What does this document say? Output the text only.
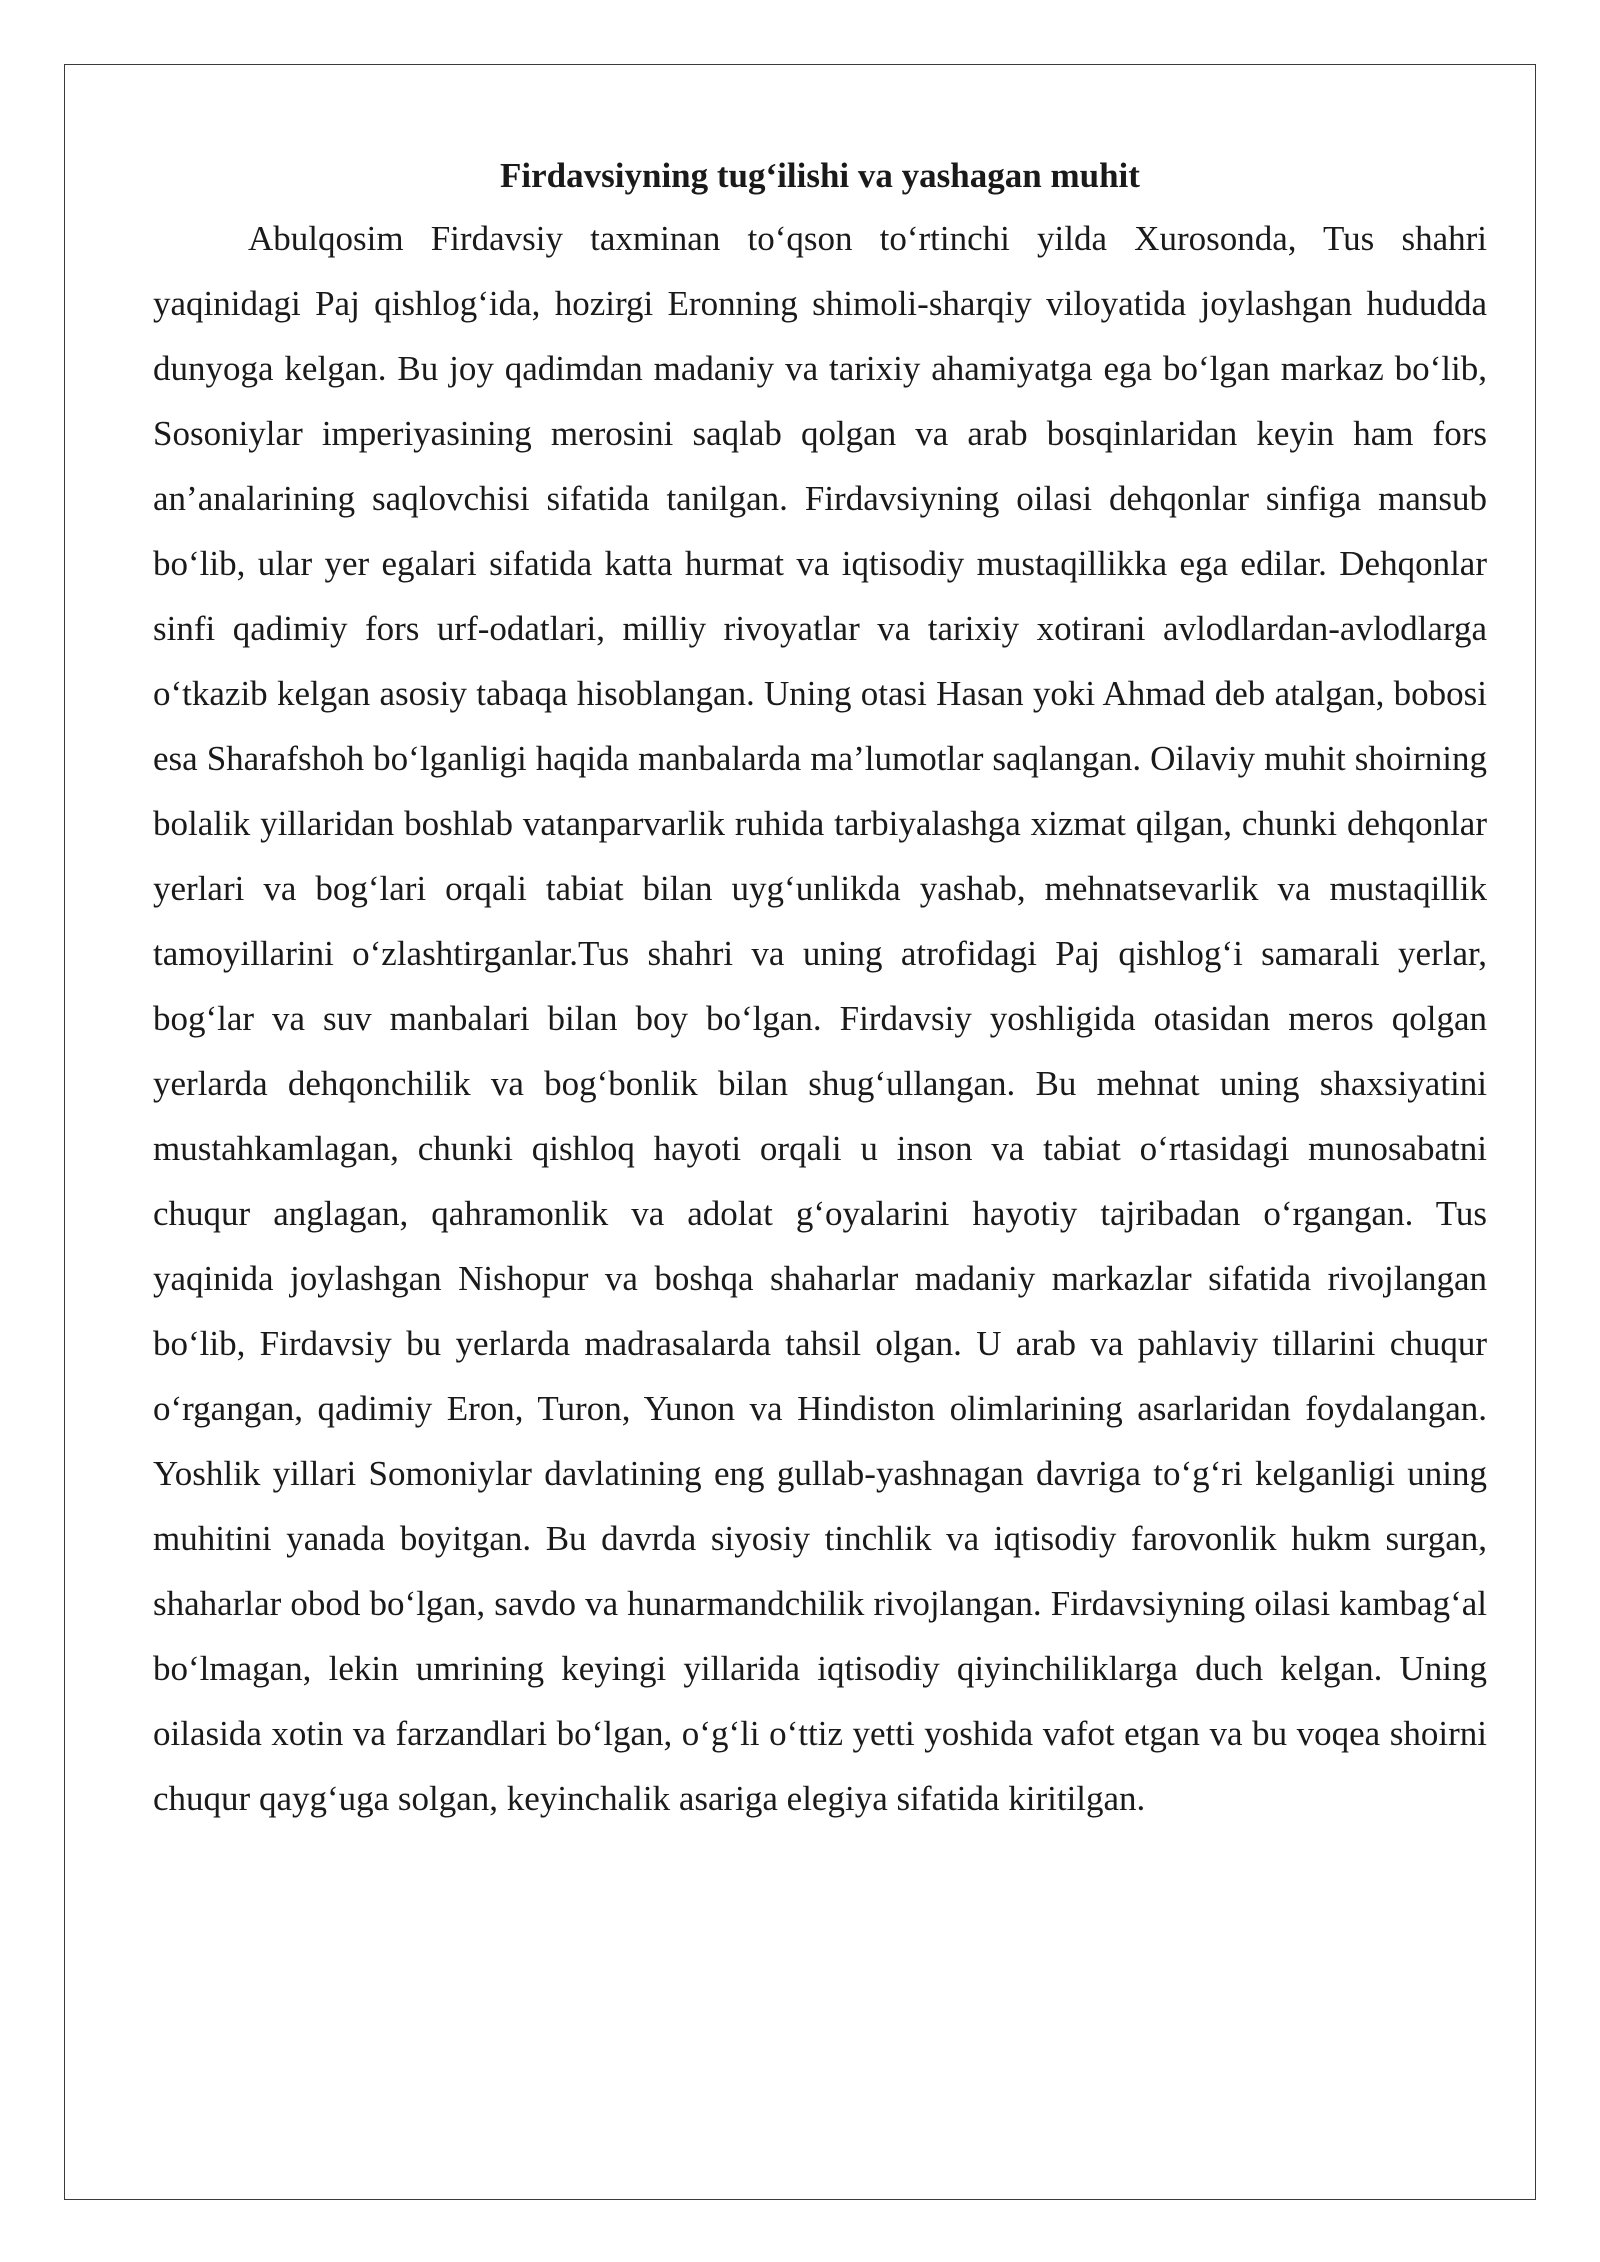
Firdavsiyning tug‘ilishi va yashagan muhit

Abulqosim Firdavsiy taxminan to‘qson to‘rtinchi yilda Xurosonda, Tus shahri yaqinidagi Paj qishlog‘ida, hozirgi Eronning shimoli-sharqiy viloyatida joylashgan hududda dunyoga kelgan. Bu joy qadimdan madaniy va tarixiy ahamiyatga ega bo‘lgan markaz bo‘lib, Sosoniylar imperiyasining merosini saqlab qolgan va arab bosqinlaridan keyin ham fors an’analarining saqlovchisi sifatida tanilgan. Firdavsiyning oilasi dehqonlar sinfiga mansub bo‘lib, ular yer egalari sifatida katta hurmat va iqtisodiy mustaqillikka ega edilar. Dehqonlar sinfi qadimiy fors urf-odatlari, milliy rivoyatlar va tarixiy xotirani avlodlardan-avlodlarga o‘tkazib kelgan asosiy tabaqa hisoblangan. Uning otasi Hasan yoki Ahmad deb atalgan, bobosi esa Sharafshoh bo‘lganligi haqida manbalarda ma’lumotlar saqlangan. Oilaviy muhit shoirning bolalik yillaridan boshlab vatanparvarlik ruhida tarbiyalashga xizmat qilgan, chunki dehqonlar yerlari va bog‘lari orqali tabiat bilan uyg‘unlikda yashab, mehnatsevarlik va mustaqillik tamoyillarini o‘zlashtirganlar.Tus shahri va uning atrofidagi Paj qishlog‘i samarali yerlar, bog‘lar va suv manbalari bilan boy bo‘lgan. Firdavsiy yoshligida otasidan meros qolgan yerlarda dehqonchilik va bog‘bonlik bilan shug‘ullangan. Bu mehnat uning shaxsiyatini mustahkamlagan, chunki qishloq hayoti orqali u inson va tabiat o‘rtasidagi munosabatni chuqur anglagan, qahramonlik va adolat g‘oyalarini hayotiy tajribadan o‘rgangan. Tus yaqinida joylashgan Nishopur va boshqa shaharlar madaniy markazlar sifatida rivojlangan bo‘lib, Firdavsiy bu yerlarda madrasalarda tahsil olgan. U arab va pahlaviy tillarini chuqur o‘rgangan, qadimiy Eron, Turon, Yunon va Hindiston olimlarining asarlaridan foydalangan. Yoshlik yillari Somoniylar davlatining eng gullab-yashnagan davriga to‘g‘ri kelganligi uning muhitini yanada boyitgan. Bu davrda siyosiy tinchlik va iqtisodiy farovonlik hukm surgan, shaharlar obod bo‘lgan, savdo va hunarmandchilik rivojlangan. Firdavsiyning oilasi kambag‘al bo‘lmagan, lekin umrining keyingi yillarida iqtisodiy qiyinchiliklarga duch kelgan. Uning oilasida xotin va farzandlari bo‘lgan, o‘g‘li o‘ttiz yetti yoshida vafot etgan va bu voqea shoirni chuqur qayg‘uga solgan, keyinchalik asariga elegiya sifatida kiritilgan.
